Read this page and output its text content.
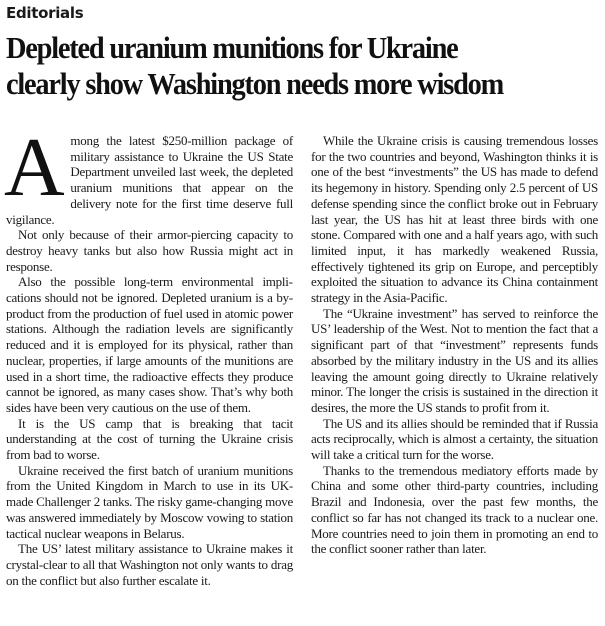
Editorials
Depleted uranium munitions for Ukraine
clearly show Washington needs more wisdom

Among the latest $250-million package of military assistance to Ukraine the US State Department unveiled last week, the depleted uranium munitions that appear on the delivery note for the first time deserve full vigilance.

Not only because of their armor-piercing capacity to destroy heavy tanks but also how Russia might act in response.

Also the possible long-term environmental implications should not be ignored. Depleted uranium is a by-product from the production of fuel used in atomic power stations. Although the radiation levels are significantly reduced and it is employed for its physical, rather than nuclear, properties, if large amounts of the munitions are used in a short time, the radioactive effects they produce cannot be ignored, as many cases show. That’s why both sides have been very cautious on the use of them.

It is the US camp that is breaking that tacit understanding at the cost of turning the Ukraine crisis from bad to worse.

Ukraine received the first batch of uranium munitions from the United Kingdom in March to use in its UK-made Challenger 2 tanks. The risky game-changing move was answered immediately by Moscow vowing to station tactical nuclear weapons in Belarus.

The US’ latest military assistance to Ukraine makes it crystal-clear to all that Washington not only wants to drag on the conflict but also further escalate it.

While the Ukraine crisis is causing tremendous losses for the two countries and beyond, Washington thinks it is one of the best “investments” the US has made to defend its hegemony in history. Spending only 2.5 percent of US defense spending since the conflict broke out in February last year, the US has hit at least three birds with one stone. Compared with one and a half years ago, with such limited input, it has markedly weakened Russia, effectively tightened its grip on Europe, and perceptibly exploited the situation to advance its China containment strategy in the Asia-Pacific.

The “Ukraine investment” has served to reinforce the US’ leadership of the West. Not to mention the fact that a significant part of that “investment” represents funds absorbed by the military industry in the US and its allies leaving the amount going directly to Ukraine relatively minor. The longer the crisis is sustained in the direction it desires, the more the US stands to profit from it.

The US and its allies should be reminded that if Russia acts reciprocally, which is almost a certainty, the situation will take a critical turn for the worse.

Thanks to the tremendous mediatory efforts made by China and some other third-party countries, including Brazil and Indonesia, over the past few months, the conflict so far has not changed its track to a nuclear one. More countries need to join them in promoting an end to the conflict sooner rather than later.
